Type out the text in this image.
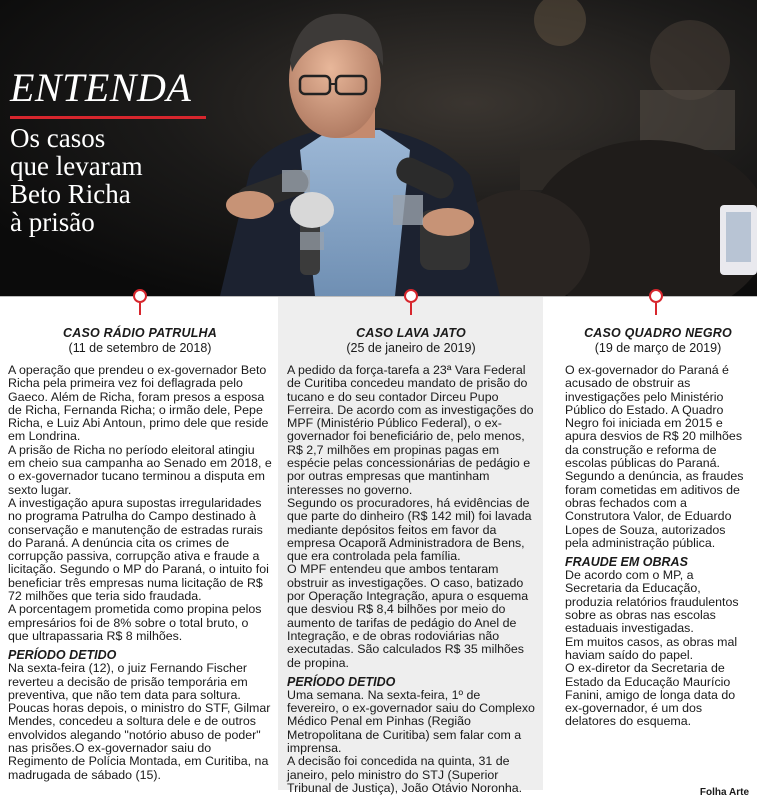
ENTENDA
Os casos
que levaram
Beto Richa
à prisão
CASO RÁDIO PATRULHA
(11 de setembro de 2018)

A operação que prendeu o ex-governador Beto Richa pela primeira vez foi deflagrada pelo Gaeco. Além de Richa, foram presos a esposa de Richa, Fernanda Richa; o irmão dele, Pepe Richa, e Luiz Abi Antoun, primo dele que reside em Londrina.

A prisão de Richa no período eleitoral atingiu em cheio sua campanha ao Senado em 2018, e o ex-governador tucano terminou a disputa em sexto lugar.

A investigação apura supostas irregularidades no programa Patrulha do Campo destinado à conservação e manutenção de estradas rurais do Paraná. A denúncia cita os crimes de corrupção passiva, corrupção ativa e fraude a licitação. Segundo o MP do Paraná, o intuito foi beneficiar três empresas numa licitação de R$ 72 milhões que teria sido fraudada.

A porcentagem prometida como propina pelos empresários foi de 8% sobre o total bruto, o que ultrapassaria R$ 8 milhões.

PERÍODO DETIDO

Na sexta-feira (12), o juiz Fernando Fischer reverteu a decisão de prisão temporária em preventiva, que não tem data para soltura. Poucas horas depois, o ministro do STF, Gilmar Mendes, concedeu a soltura dele e de outros envolvidos alegando "notório abuso de poder" nas prisões.O ex-governador saiu do Regimento de Polícia Montada, em Curitiba, na madrugada de sábado (15).

CASO LAVA JATO
(25 de janeiro de 2019)

A pedido da força-tarefa a 23ª Vara Federal de Curitiba concedeu mandato de prisão do tucano e do seu contador Dirceu Pupo Ferreira. De acordo com as investigações do MPF (Ministério Público Federal), o ex-governador foi beneficiário de, pelo menos, R$ 2,7 milhões em propinas pagas em espécie pelas concessionárias de pedágio e por outras empresas que mantinham interesses no governo.

Segundo os procuradores, há evidências de que parte do dinheiro (R$ 142 mil) foi lavada mediante depósitos feitos em favor da empresa Ocaporã Administradora de Bens, que era controlada pela família.

O MPF entendeu que ambos tentaram obstruir as investigações. O caso, batizado por Operação Integração, apura o esquema que desviou R$ 8,4 bilhões por meio do aumento de tarifas de pedágio do Anel de Integração, e de obras rodoviárias não executadas. São calculados R$ 35 milhões de propina.

PERÍODO DETIDO

Uma semana. Na sexta-feira, 1º de fevereiro, o ex-governador saiu do Complexo Médico Penal em Pinhas (Região Metropolitana de Curitiba) sem falar com a imprensa.

A decisão foi concedida na quinta, 31 de janeiro, pelo ministro do STJ (Superior Tribunal de Justiça), João Otávio Noronha.

CASO QUADRO NEGRO
(19 de março de 2019)

O ex-governador do Paraná é acusado de obstruir as investigações pelo Ministério Público do Estado. A Quadro Negro foi iniciada em 2015 e apura desvios de R$ 20 milhões da construção e reforma de escolas públicas do Paraná.

Segundo a denúncia, as fraudes foram cometidas em aditivos de obras fechados com a Construtora Valor, de Eduardo Lopes de Souza, autorizados pela administração pública.

FRAUDE EM OBRAS

De acordo com o MP, a Secretaria da Educação, produzia relatórios fraudulentos sobre as obras nas escolas estaduais investigadas.

Em muitos casos, as obras mal haviam saído do papel.

O ex-diretor da Secretaria de Estado da Educação Maurício Fanini, amigo de longa data do ex-governador, é um dos delatores do esquema.

Folha Arte
